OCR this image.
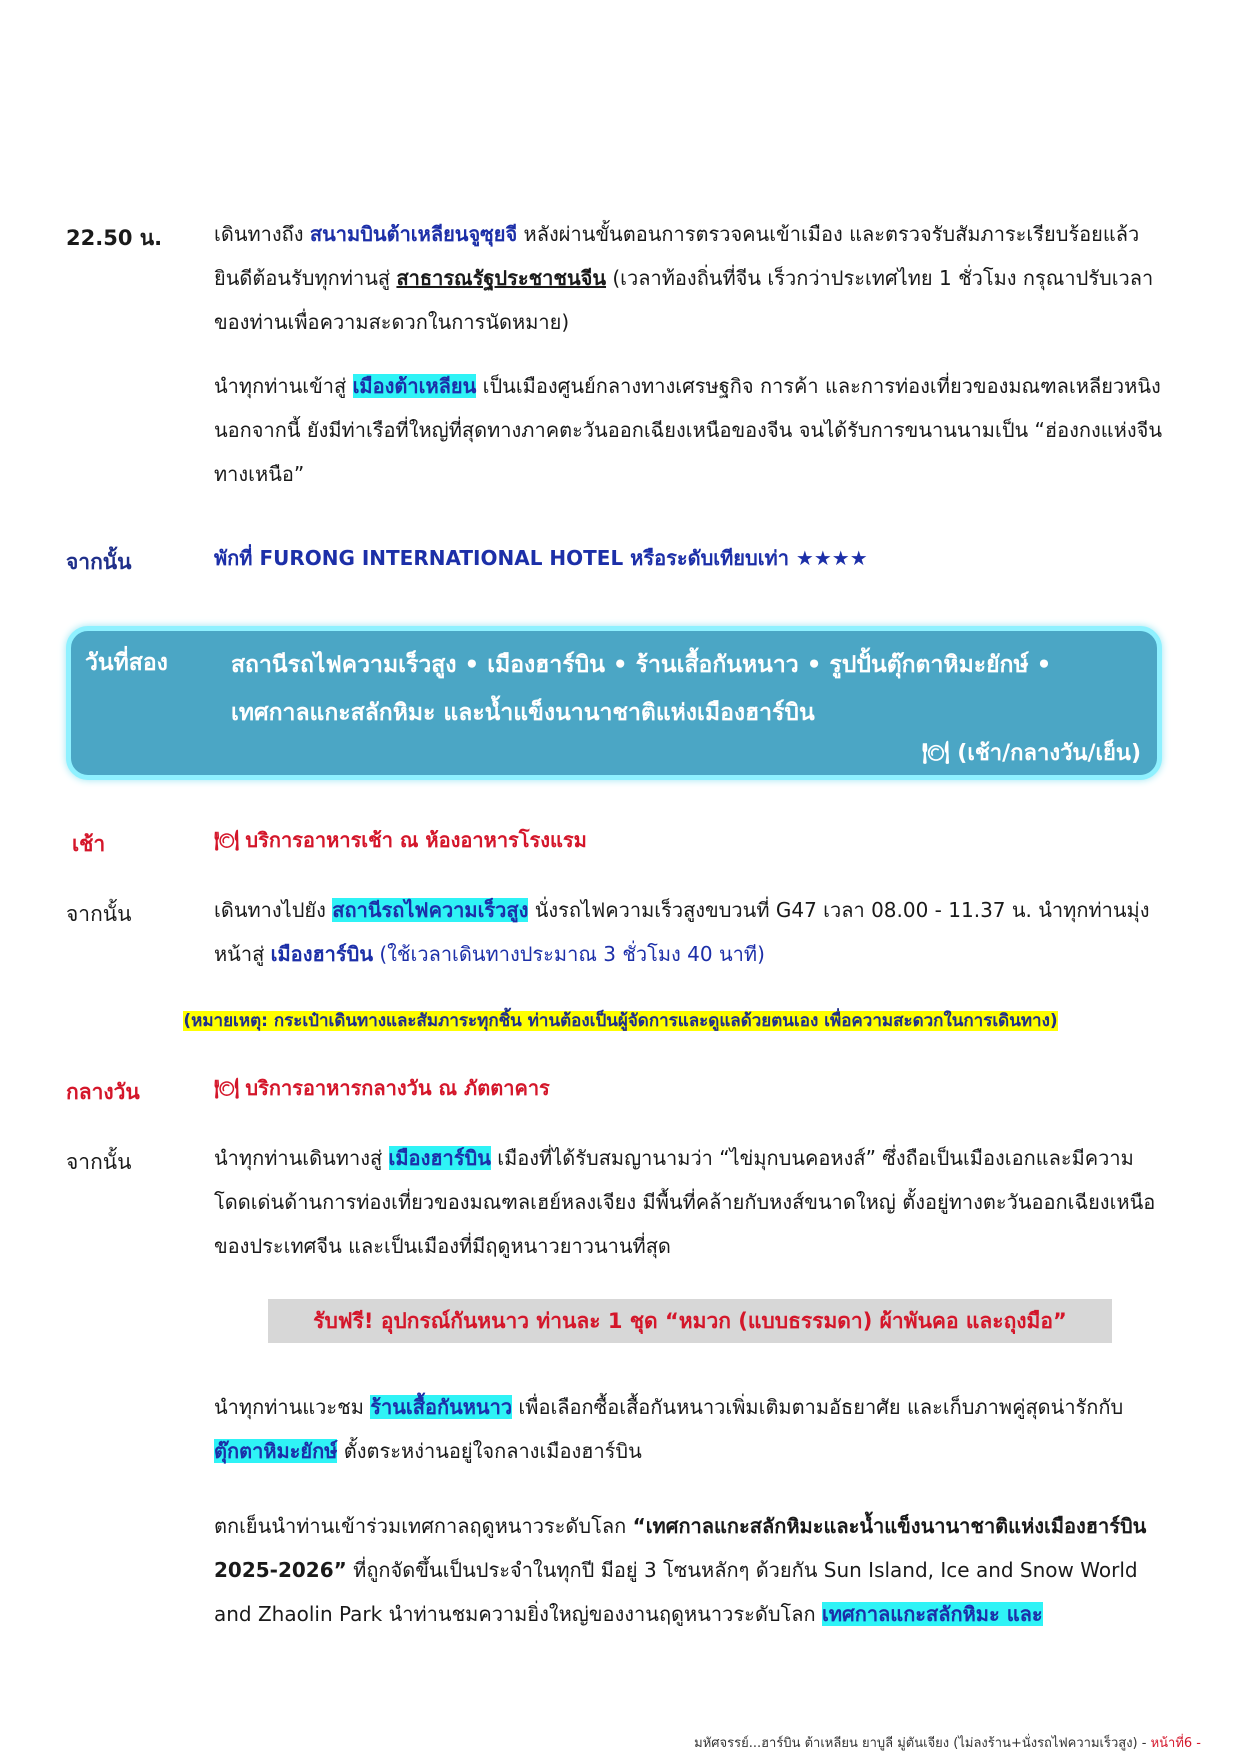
22.50 น.	เดินทางถึง สนามบินต้าเหลียนจูซุยจี หลังผ่านขั้นตอนการตรวจคนเข้าเมือง และตรวจรับสัมภาระเรียบร้อยแล้ว ยินดีต้อนรับทุกท่านสู่ สาธารณรัฐประชาชนจีน (เวลาท้องถิ่นที่จีน เร็วกว่าประเทศไทย 1 ชั่วโมง กรุณาปรับเวลาของท่านเพื่อความสะดวกในการนัดหมาย)
นำทุกท่านเข้าสู่ เมืองต้าเหลียน เป็นเมืองศูนย์กลางทางเศรษฐกิจ การค้า และการท่องเที่ยวของมณฑลเหลียวหนิง นอกจากนี้ ยังมีท่าเรือที่ใหญ่ที่สุดทางภาคตะวันออกเฉียงเหนือของจีน จนได้รับการขนานนามเป็น “ฮ่องกงแห่งจีนทางเหนือ”
จากนั้น	พักที่ FURONG INTERNATIONAL HOTEL หรือระดับเทียบเท่า ★★★★
วันที่สอง	สถานีรถไฟความเร็วสูง • เมืองฮาร์บิน • ร้านเสื้อกันหนาว • รูปปั้นตุ๊กตาหิมะยักษ์ • เทศกาลแกะสลักหิมะ และน้ำแข็งนานาชาติแห่งเมืองฮาร์บิน
🍽 (เช้า/กลางวัน/เย็น)
เช้า	🍽 บริการอาหารเช้า ณ ห้องอาหารโรงแรม
จากนั้น	เดินทางไปยัง สถานีรถไฟความเร็วสูง นั่งรถไฟความเร็วสูงขบวนที่ G47 เวลา 08.00 - 11.37 น. นำทุกท่านมุ่งหน้าสู่ เมืองฮาร์บิน (ใช้เวลาเดินทางประมาณ 3 ชั่วโมง 40 นาที)
(หมายเหตุ: กระเป๋าเดินทางและสัมภาระทุกชิ้น ท่านต้องเป็นผู้จัดการและดูแลด้วยตนเอง เพื่อความสะดวกในการเดินทาง)
กลางวัน	🍽 บริการอาหารกลางวัน ณ ภัตตาคาร
จากนั้น	นำทุกท่านเดินทางสู่ เมืองฮาร์บิน เมืองที่ได้รับสมญานามว่า “ไข่มุกบนคอหงส์” ซึ่งถือเป็นเมืองเอกและมีความโดดเด่นด้านการท่องเที่ยวของมณฑลเฮย์หลงเจียง มีพื้นที่คล้ายกับหงส์ขนาดใหญ่ ตั้งอยู่ทางตะวันออกเฉียงเหนือของประเทศจีน และเป็นเมืองที่มีฤดูหนาวยาวนานที่สุด
รับฟรี! อุปกรณ์กันหนาว ท่านละ 1 ชุด “หมวก (แบบธรรมดา) ผ้าพันคอ และถุงมือ”
นำทุกท่านแวะชม ร้านเสื้อกันหนาว เพื่อเลือกซื้อเสื้อกันหนาวเพิ่มเติมตามอัธยาศัย และเก็บภาพคู่สุดน่ารักกับ ตุ๊กตาหิมะยักษ์ ตั้งตระหง่านอยู่ใจกลางเมืองฮาร์บิน
ตกเย็นนำท่านเข้าร่วมเทศกาลฤดูหนาวระดับโลก “เทศกาลแกะสลักหิมะและน้ำแข็งนานาชาติแห่งเมืองฮาร์บิน 2025-2026” ที่ถูกจัดขึ้นเป็นประจำในทุกปี มีอยู่ 3 โซนหลักๆ ด้วยกัน Sun Island, Ice and Snow World and Zhaolin Park นำท่านชมความยิ่งใหญ่ของงานฤดูหนาวระดับโลก เทศกาลแกะสลักหิมะ และ
มหัศจรรย์...ฮาร์บิน ต้าเหลียน ยาบูลี มู่ตันเจียง (ไม่ลงร้าน+นั่งรถไฟความเร็วสูง) - หน้าที่6 -
